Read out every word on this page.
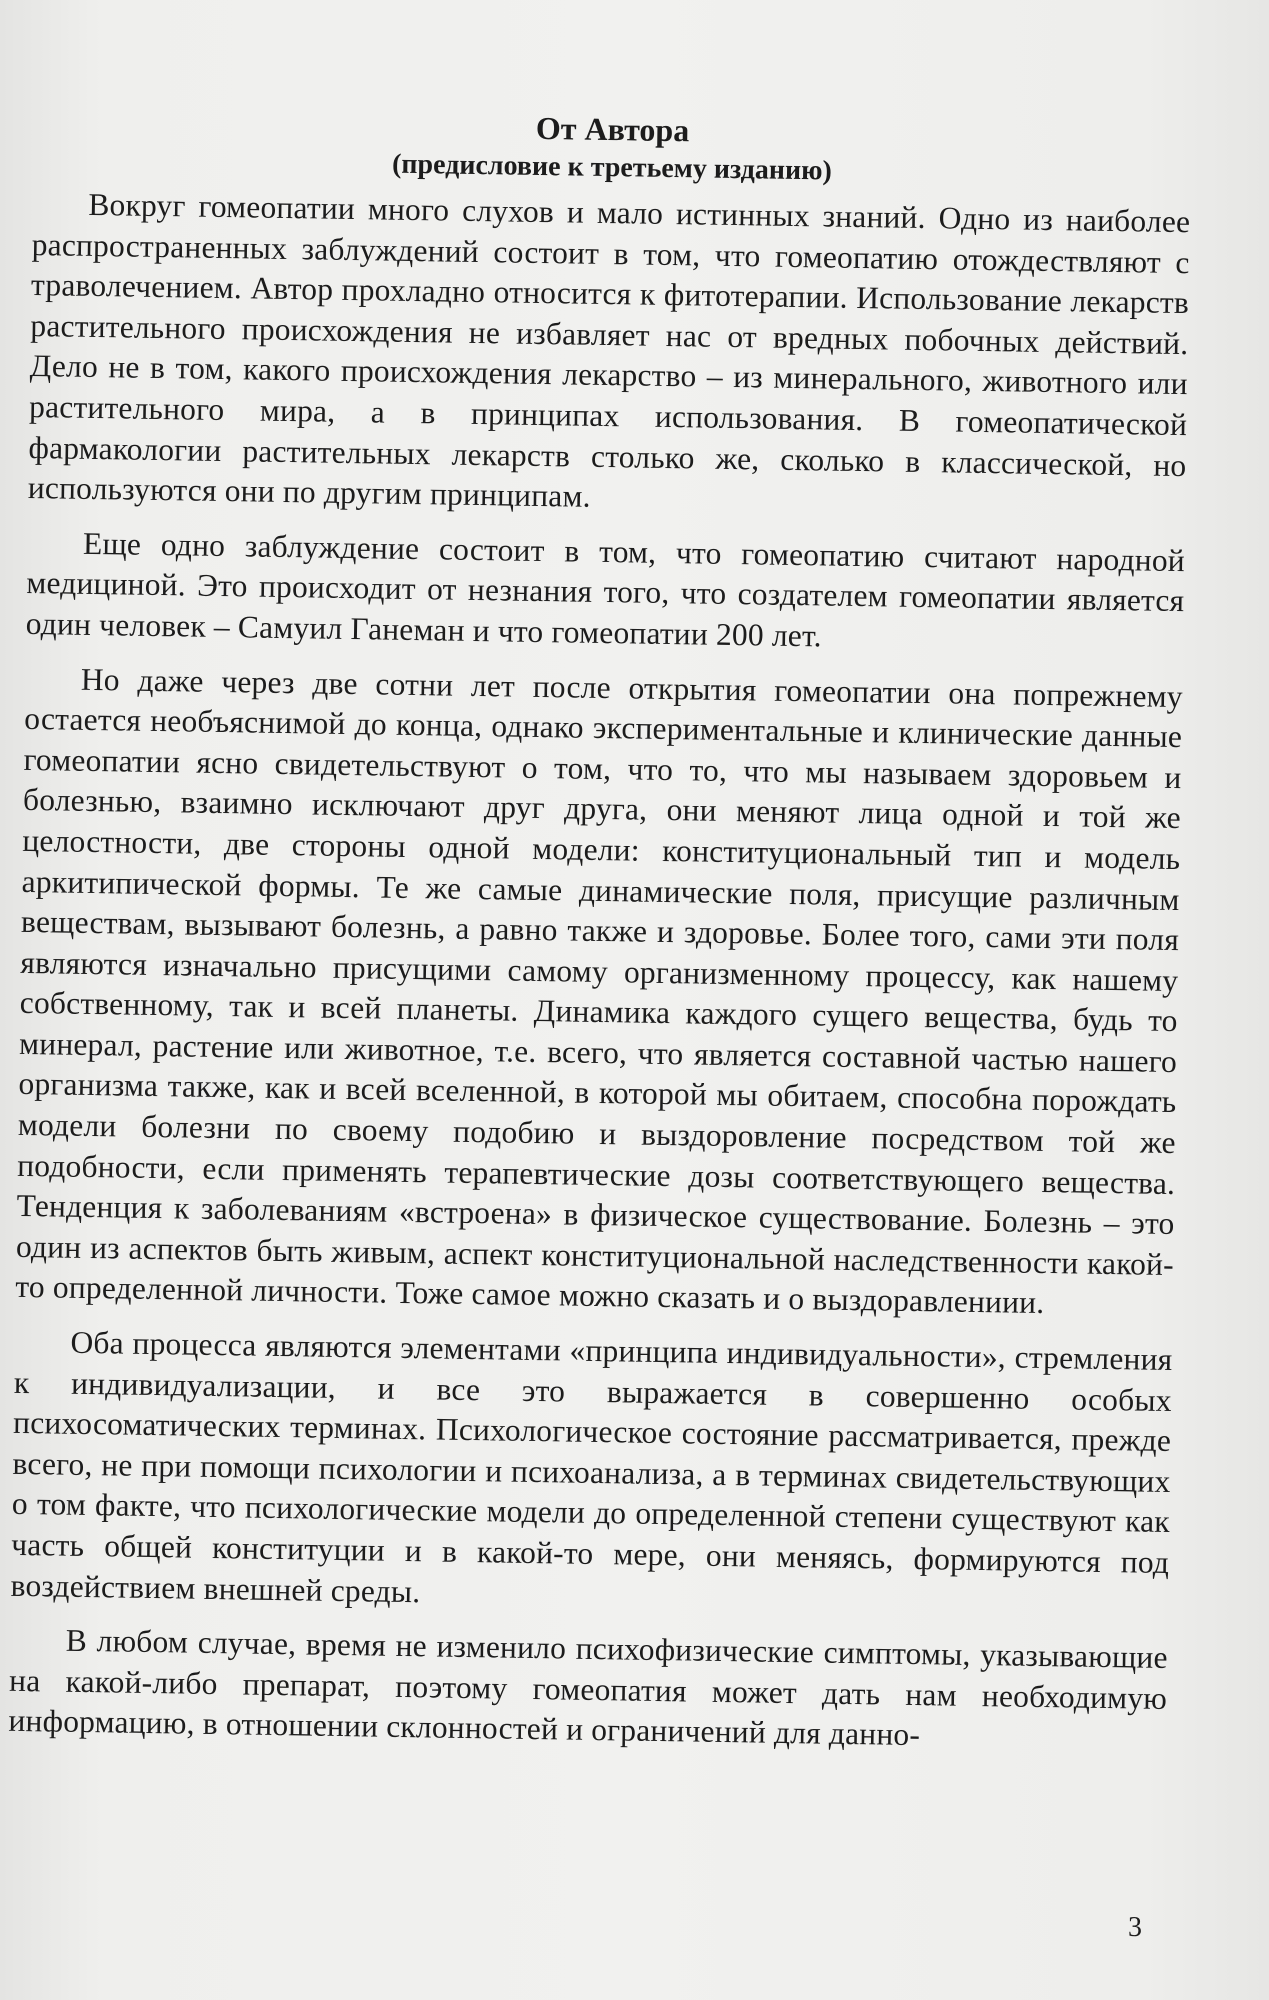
От Автора
(предисловие к третьему изданию)

Вокруг гомеопатии много слухов и мало истинных знаний. Одно из наиболее распространенных заблуждений состоит в том, что гомеопатию отождествляют с траволечением. Автор прохладно относится к фитотерапии. Использование лекарств растительного происхождения не избавляет нас от вредных побочных действий. Дело не в том, какого происхождения лекарство – из минерального, животного или растительного мира, а в принципах использования. В гомеопатической фармакологии растительных лекарств столько же, сколько в классической, но используются они по другим принципам.

Еще одно заблуждение состоит в том, что гомеопатию считают народной медициной. Это происходит от незнания того, что создателем гомеопатии является один человек – Самуил Ганеман и что гомеопатии 200 лет.

Но даже через две сотни лет после открытия гомеопатии она попрежнему остается необъяснимой до конца, однако экспериментальные и клинические данные гомеопатии ясно свидетельствуют о том, что то, что мы называем здоровьем и болезнью, взаимно исключают друг друга, они меняют лица одной и той же целостности, две стороны одной модели: конституциональный тип и модель аркитипической формы. Те же самые динамические поля, присущие различным веществам, вызывают болезнь, а равно также и здоровье. Более того, сами эти поля являются изначально присущими самому организменному процессу, как нашему собственному, так и всей планеты. Динамика каждого сущего вещества, будь то минерал, растение или животное, т.е. всего, что является составной частью нашего организма также, как и всей вселенной, в которой мы обитаем, способна порождать модели болезни по своему подобию и выздоровление посредством той же подобности, если применять терапевтические дозы соответствующего вещества. Тенденция к заболеваниям «встроена» в физическое существование. Болезнь – это один из аспектов быть живым, аспект конституциональной наследственности какой-то определенной личности. Тоже самое можно сказать и о выздоравлениии.

Оба процесса являются элементами «принципа индивидуальности», стремления к индивидуализации, и все это выражается в совершенно особых психосоматических терминах. Психологическое состояние рассматривается, прежде всего, не при помощи психологии и психоанализа, а в терминах свидетельствующих о том факте, что психологические модели до определенной степени существуют как часть общей конституции и в какой-то мере, они меняясь, формируются под воздействием внешней среды.

В любом случае, время не изменило психофизические симптомы, указывающие на какой-либо препарат, поэтому гомеопатия может дать нам необходимую информацию, в отношении склонностей и ограничений для данно-

3
